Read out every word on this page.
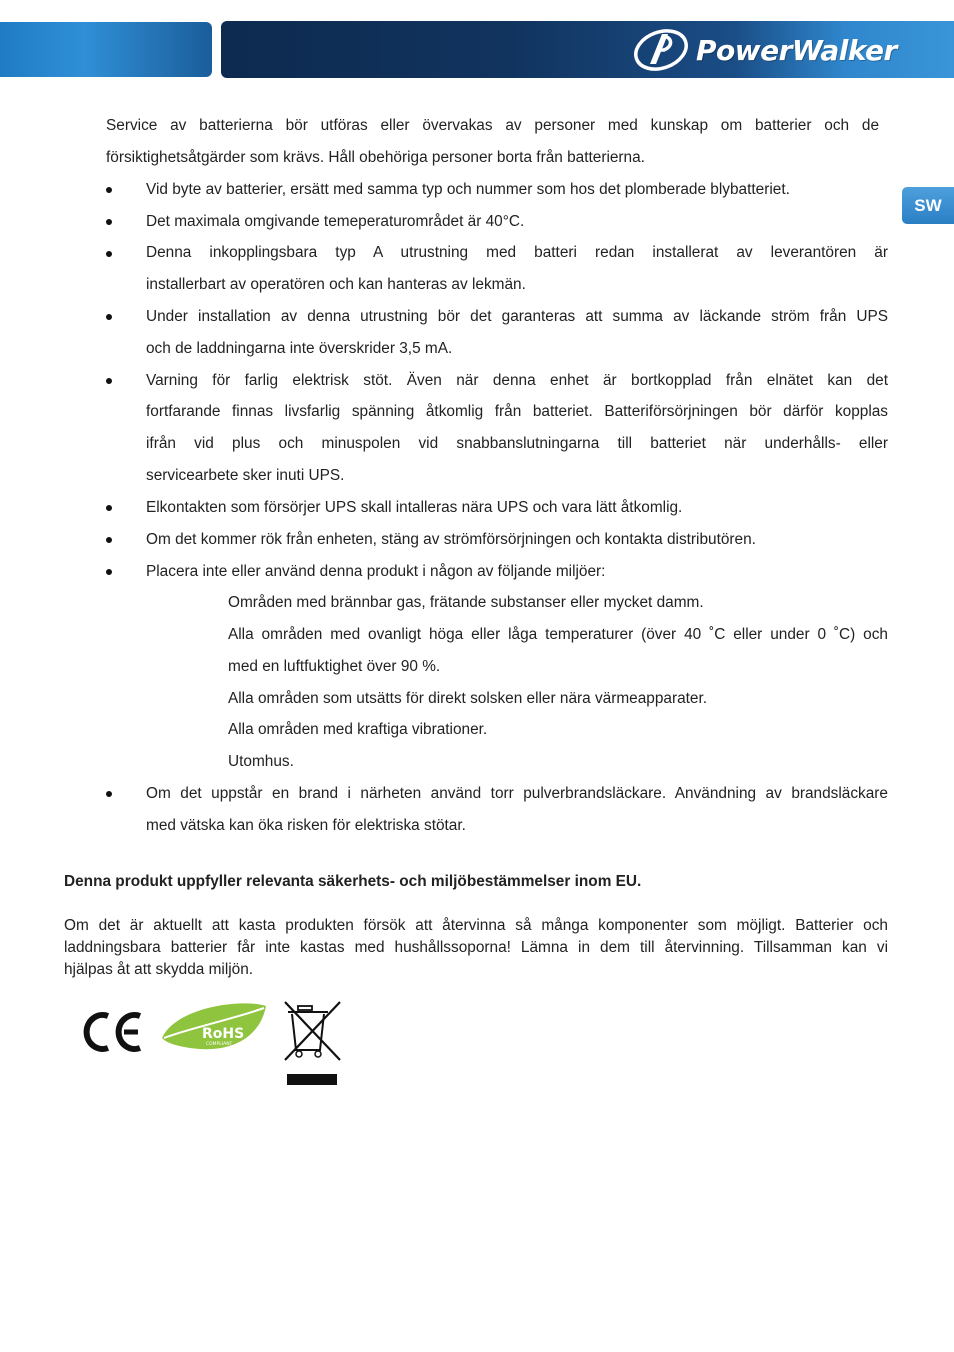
PowerWalker
SW
Service av batterierna bör utföras eller övervakas av personer med kunskap om batterier och de
försiktighetsåtgärder som krävs. Håll obehöriga personer borta från batterierna.
Vid byte av batterier, ersätt med samma typ och nummer som hos det plomberade blybatteriet.
Det maximala omgivande temeperaturområdet är 40°C.
Denna inkopplingsbara typ A utrustning med batteri redan installerat av leverantören är
installerbart av operatören och kan hanteras av lekmän.
Under installation av denna utrustning bör det garanteras att summa av läckande ström från UPS
och de laddningarna inte överskrider 3,5 mA.
Varning för farlig elektrisk stöt. Även när denna enhet är bortkopplad från elnätet kan det
fortfarande finnas livsfarlig spänning åtkomlig från batteriet. Batteriförsörjningen bör därför kopplas
ifrån vid plus och minuspolen vid snabbanslutningarna till batteriet när underhålls- eller
servicearbete sker inuti UPS.
Elkontakten som försörjer UPS skall intalleras nära UPS och vara lätt åtkomlig.
Om det kommer rök från enheten, stäng av strömförsörjningen och kontakta distributören.
Placera inte eller använd denna produkt i någon av följande miljöer:
Områden med brännbar gas, frätande substanser eller mycket damm.
Alla områden med ovanligt höga eller låga temperaturer (över 40 ˚C eller under 0 ˚C) och
med en luftfuktighet över 90 %.
Alla områden som utsätts för direkt solsken eller nära värmeapparater.
Alla områden med kraftiga vibrationer.
Utomhus.
Om det uppstår en brand i närheten använd torr pulverbrandsläckare. Användning av brandsläckare
med vätska kan öka risken för elektriska stötar.
Denna produkt uppfyller relevanta säkerhets- och miljöbestämmelser inom EU.
Om det är aktuellt att kasta produkten försök att återvinna så många komponenter som möjligt. Batterier och
laddningsbara batterier får inte kastas med hushållssoporna! Lämna in dem till återvinning. Tillsamman kan vi
hjälpas åt att skydda miljön.
RoHS
COMPLIANT
